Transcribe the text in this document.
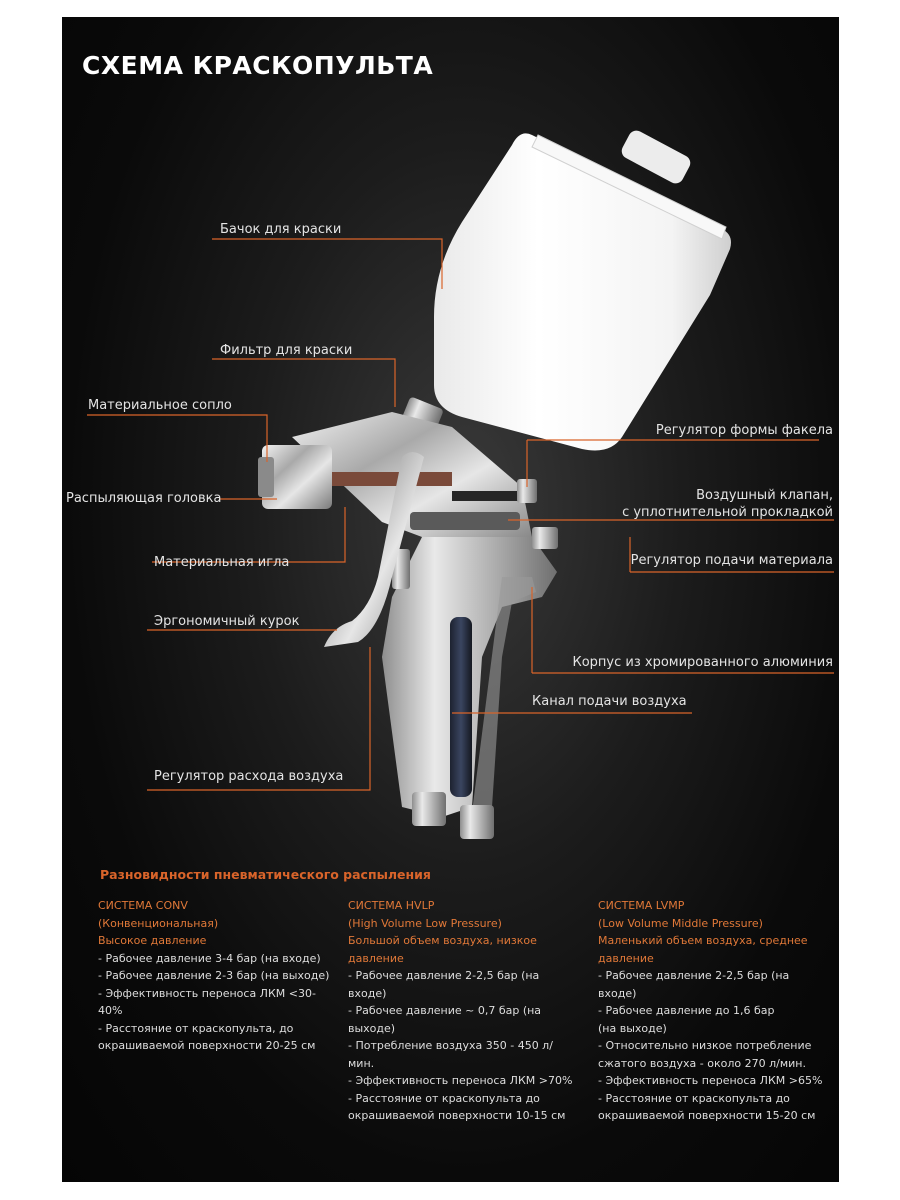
СХЕМА КРАСКОПУЛЬТА
Бачок для краски
Фильтр для краски
Материальное сопло
Распыляющая головка
Материальная игла
Эргономичный курок
Регулятор расхода воздуха
Регулятор формы факела
Воздушный клапан,
с уплотнительной прокладкой
Регулятор подачи материала
Корпус из хромированного алюминия
Канал подачи воздуха
Разновидности пневматического распыления
СИСТЕМА CONV
(Конвенциональная)
Высокое давление
- Рабочее давление 3-4 бар (на входе)
- Рабочее давление 2-3 бар (на выходе)
- Эффективность переноса ЛКМ <30-40%
- Расстояние от краскопульта, до
окрашиваемой поверхности 20-25 см
СИСТЕМА HVLP
(High Volume Low Pressure)
Большой объем воздуха, низкое давление
- Рабочее давление 2-2,5 бар (на входе)
- Рабочее давление ~ 0,7 бар (на
выходе)
- Потребление воздуха 350 - 450 л/мин.
- Эффективность переноса ЛКМ >70%
- Расстояние от краскопульта до
окрашиваемой поверхности 10-15 см
СИСТЕМА LVMP
(Low Volume Middle Pressure)
Маленький объем воздуха, среднее давление
- Рабочее давление 2-2,5 бар (на входе)
- Рабочее давление до 1,6 бар
(на выходе)
- Относительно низкое потребление
сжатого воздуха - около 270 л/мин.
- Эффективность переноса ЛКМ >65%
- Расстояние от краскопульта до
окрашиваемой поверхности 15-20 см
